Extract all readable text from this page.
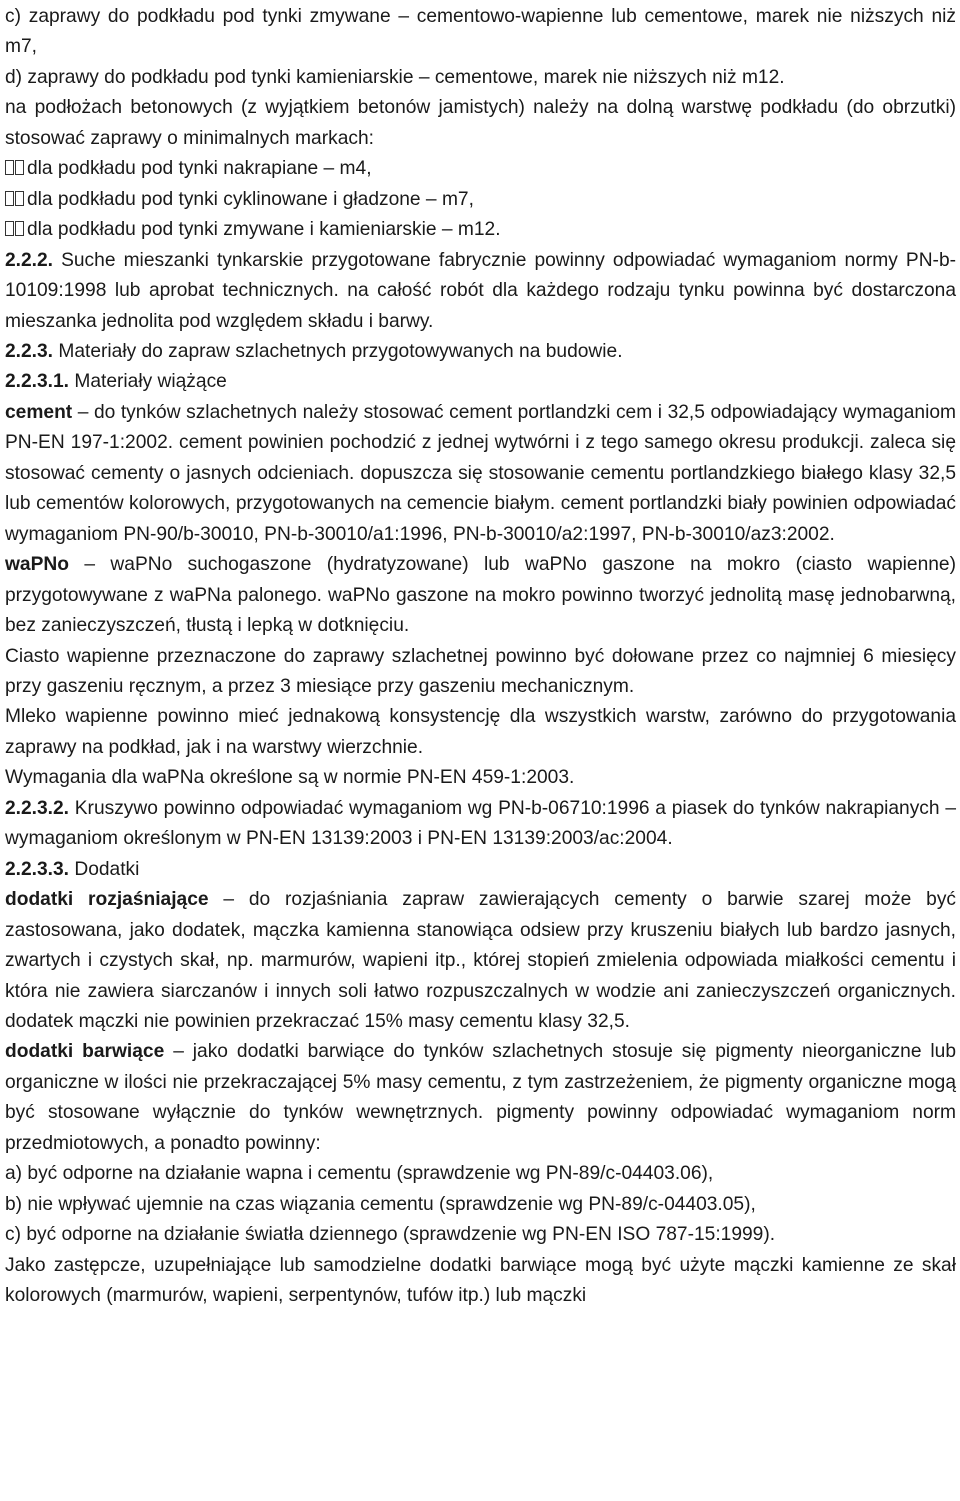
c) zaprawy do podkładu pod tynki zmywane – cementowo-wapienne lub cementowe, marek nie niższych niż m7,

d) zaprawy do podkładu pod tynki kamieniarskie – cementowe, marek nie niższych niż m12.

na podłożach betonowych (z wyjątkiem betonów jamistych) należy na dolną warstwę podkładu (do obrzutki) stosować zaprawy o minimalnych markach:

dla podkładu pod tynki nakrapiane – m4,

dla podkładu pod tynki cyklinowane i gładzone – m7,

dla podkładu pod tynki zmywane i kamieniarskie – m12.

2.2.2. Suche mieszanki tynkarskie przygotowane fabrycznie powinny odpowiadać wymaganiom normy PN-b-10109:1998 lub aprobat technicznych. na całość robót dla każdego rodzaju tynku powinna być dostarczona mieszanka jednolita pod względem składu i barwy.

2.2.3. Materiały do zapraw szlachetnych przygotowywanych na budowie.

2.2.3.1. Materiały wiążące

cement – do tynków szlachetnych należy stosować cement portlandzki cem i 32,5 odpowiadający wymaganiom PN-EN 197-1:2002. cement powinien pochodzić z jednej wytwórni i z tego samego okresu produkcji. zaleca się stosować cementy o jasnych odcieniach. dopuszcza się stosowanie cementu portlandzkiego białego klasy 32,5 lub cementów kolorowych, przygotowanych na cemencie białym. cement portlandzki biały powinien odpowiadać wymaganiom PN-90/b-30010, PN-b-30010/a1:1996, PN-b-30010/a2:1997, PN-b-30010/az3:2002.

waPNo – waPNo suchogaszone (hydratyzowane) lub waPNo gaszone na mokro (ciasto wapienne) przygotowywane z waPNa palonego. waPNo gaszone na mokro powinno tworzyć jednolitą masę jednobarwną, bez zanieczyszczeń, tłustą i lepką w dotknięciu.

Ciasto wapienne przeznaczone do zaprawy szlachetnej powinno być dołowane przez co najmniej 6 miesięcy przy gaszeniu ręcznym, a przez 3 miesiące przy gaszeniu mechanicznym.

Mleko wapienne powinno mieć jednakową konsystencję dla wszystkich warstw, zarówno do przygotowania zaprawy na podkład, jak i na warstwy wierzchnie.

Wymagania dla waPNa określone są w normie PN-EN 459-1:2003.

2.2.3.2. Kruszywo powinno odpowiadać wymaganiom wg PN-b-06710:1996 a piasek do tynków nakrapianych – wymaganiom określonym w PN-EN 13139:2003 i PN-EN 13139:2003/ac:2004.

2.2.3.3. Dodatki

dodatki rozjaśniające – do rozjaśniania zapraw zawierających cementy o barwie szarej może być zastosowana, jako dodatek, mączka kamienna stanowiąca odsiew przy kruszeniu białych lub bardzo jasnych, zwartych i czystych skał, np. marmurów, wapieni itp., której stopień zmielenia odpowiada miałkości cementu i która nie zawiera siarczanów i innych soli łatwo rozpuszczalnych w wodzie ani zanieczyszczeń organicznych. dodatek mączki nie powinien przekraczać 15% masy cementu klasy 32,5.

dodatki barwiące – jako dodatki barwiące do tynków szlachetnych stosuje się pigmenty nieorganiczne lub organiczne w ilości nie przekraczającej 5% masy cementu, z tym zastrzeżeniem, że pigmenty organiczne mogą być stosowane wyłącznie do tynków wewnętrznych. pigmenty powinny odpowiadać wymaganiom norm przedmiotowych, a ponadto powinny:

a) być odporne na działanie wapna i cementu (sprawdzenie wg PN-89/c-04403.06),

b) nie wpływać ujemnie na czas wiązania cementu (sprawdzenie wg PN-89/c-04403.05),

c) być odporne na działanie światła dziennego (sprawdzenie wg PN-EN ISO 787-15:1999).

Jako zastępcze, uzupełniające lub samodzielne dodatki barwiące mogą być użyte mączki kamienne ze skał kolorowych (marmurów, wapieni, serpentynów, tufów itp.) lub mączki
